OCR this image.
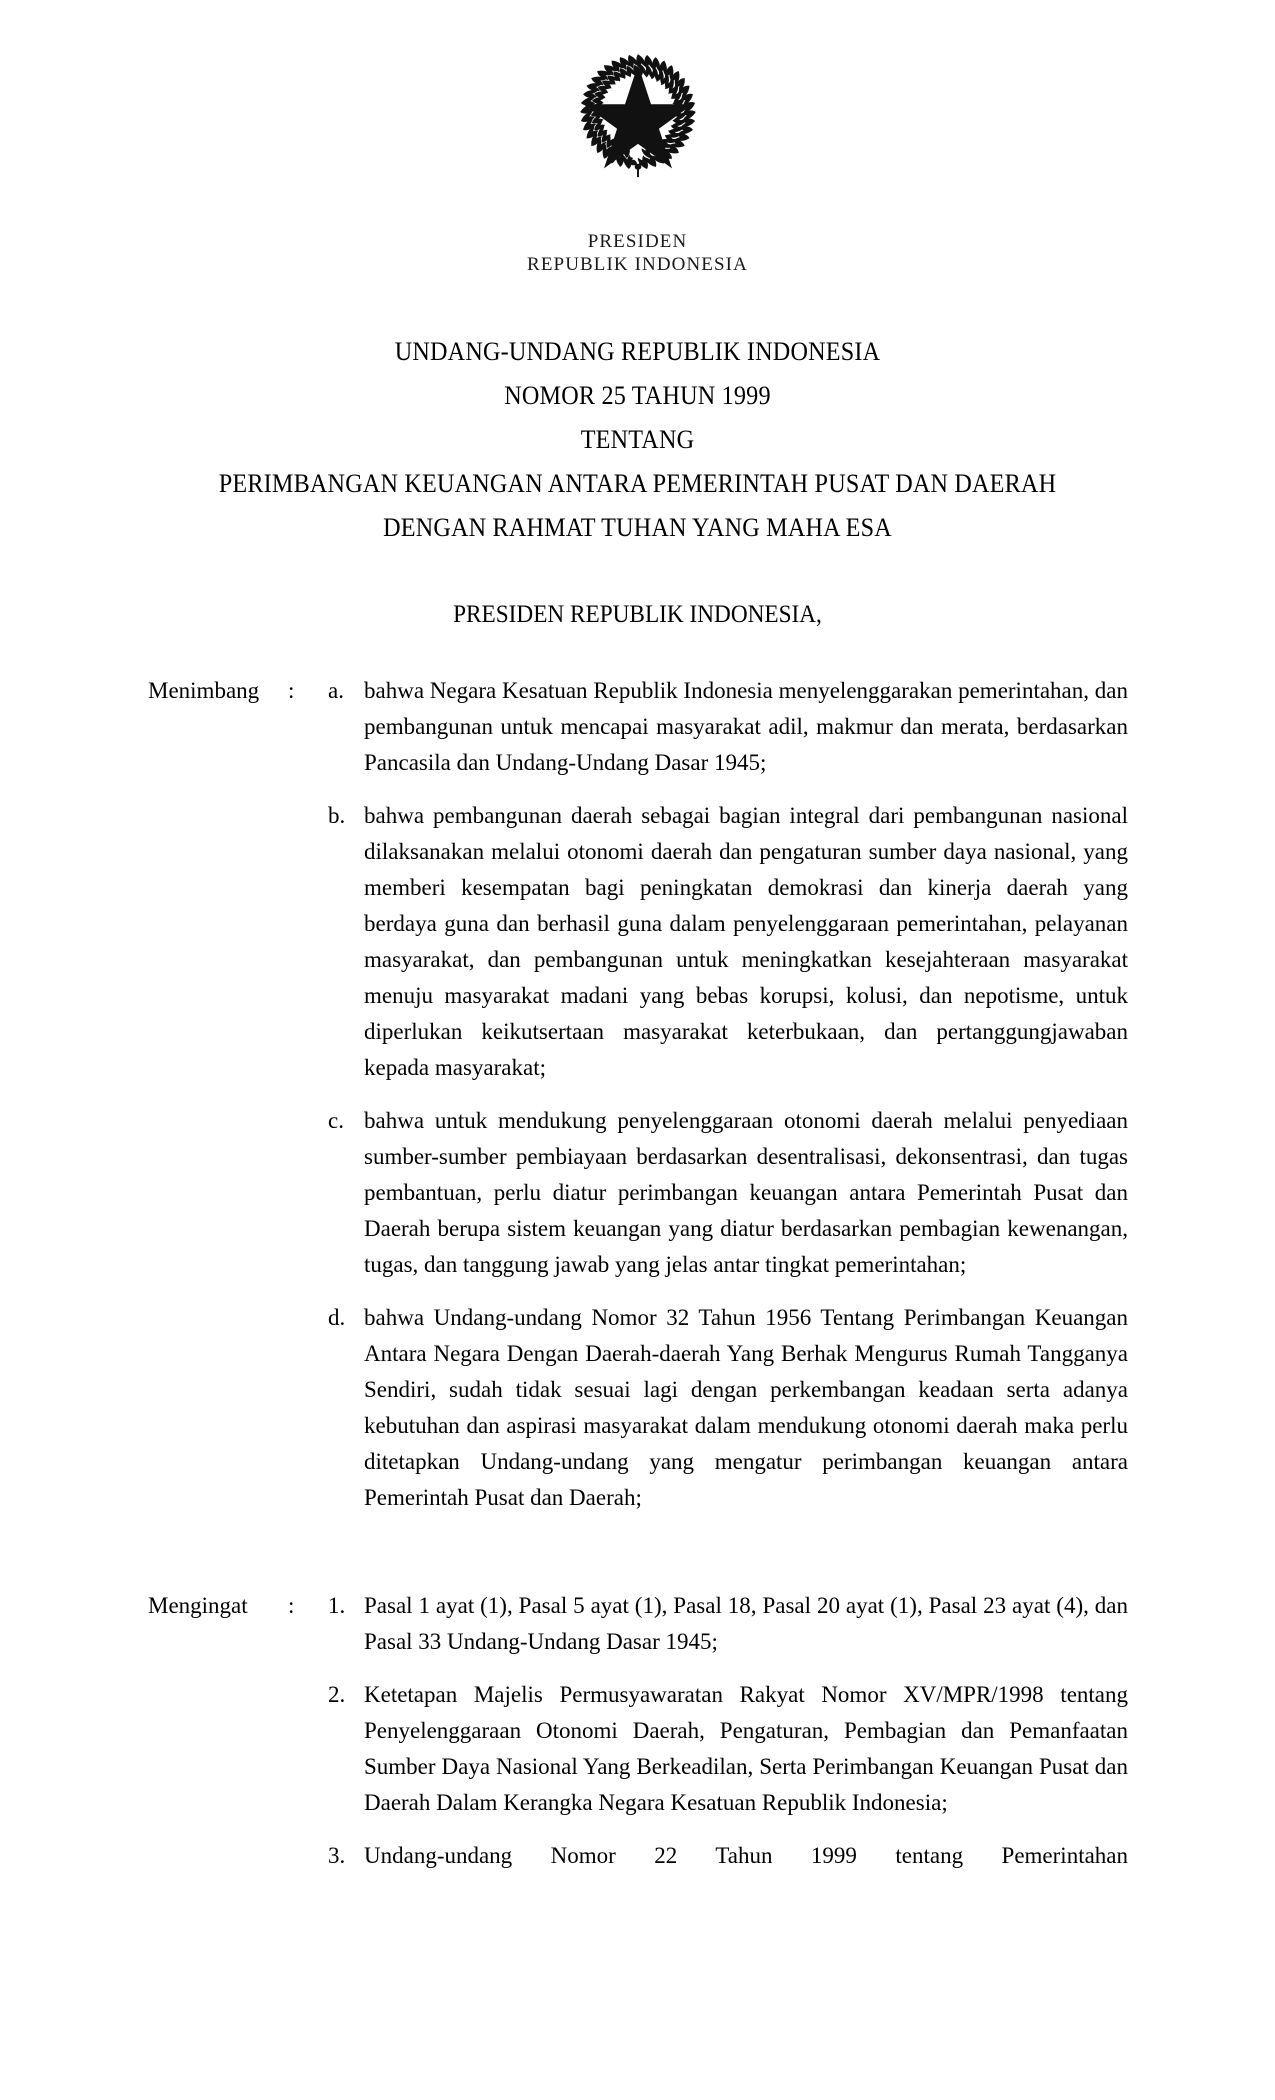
PRESIDEN
REPUBLIK INDONESIA
UNDANG-UNDANG REPUBLIK INDONESIA
NOMOR 25 TAHUN 1999
TENTANG
PERIMBANGAN KEUANGAN ANTARA PEMERINTAH PUSAT DAN DAERAH
DENGAN RAHMAT TUHAN YANG MAHA ESA
PRESIDEN REPUBLIK INDONESIA,
Menimbang	:	a. bahwa Negara Kesatuan Republik Indonesia menyelenggarakan pemerintahan, dan pembangunan untuk mencapai masyarakat adil, makmur dan merata, berdasarkan Pancasila dan Undang-Undang Dasar 1945;
b. bahwa pembangunan daerah sebagai bagian integral dari pembangunan nasional dilaksanakan melalui otonomi daerah dan pengaturan sumber daya nasional, yang memberi kesempatan bagi peningkatan demokrasi dan kinerja daerah yang berdaya guna dan berhasil guna dalam penyelenggaraan pemerintahan, pelayanan masyarakat, dan pembangunan untuk meningkatkan kesejahteraan masyarakat menuju masyarakat madani yang bebas korupsi, kolusi, dan nepotisme, untuk diperlukan keikutsertaan masyarakat keterbukaan, dan pertanggungjawaban kepada masyarakat;
c. bahwa untuk mendukung penyelenggaraan otonomi daerah melalui penyediaan sumber-sumber pembiayaan berdasarkan desentralisasi, dekonsentrasi, dan tugas pembantuan, perlu diatur perimbangan keuangan antara Pemerintah Pusat dan Daerah berupa sistem keuangan yang diatur berdasarkan pembagian kewenangan, tugas, dan tanggung jawab yang jelas antar tingkat pemerintahan;
d. bahwa Undang-undang Nomor 32 Tahun 1956 Tentang Perimbangan Keuangan Antara Negara Dengan Daerah-daerah Yang Berhak Mengurus Rumah Tangganya Sendiri, sudah tidak sesuai lagi dengan perkembangan keadaan serta adanya kebutuhan dan aspirasi masyarakat dalam mendukung otonomi daerah maka perlu ditetapkan Undang-undang yang mengatur perimbangan keuangan antara Pemerintah Pusat dan Daerah;
Mengingat	:	1. Pasal 1 ayat (1), Pasal 5 ayat (1), Pasal 18, Pasal 20 ayat (1), Pasal 23 ayat (4), dan Pasal 33 Undang-Undang Dasar 1945;
2. Ketetapan Majelis Permusyawaratan Rakyat Nomor XV/MPR/1998 tentang Penyelenggaraan Otonomi Daerah, Pengaturan, Pembagian dan Pemanfaatan Sumber Daya Nasional Yang Berkeadilan, Serta Perimbangan Keuangan Pusat dan Daerah Dalam Kerangka Negara Kesatuan Republik Indonesia;
3. Undang-undang Nomor 22 Tahun 1999 tentang Pemerintahan
